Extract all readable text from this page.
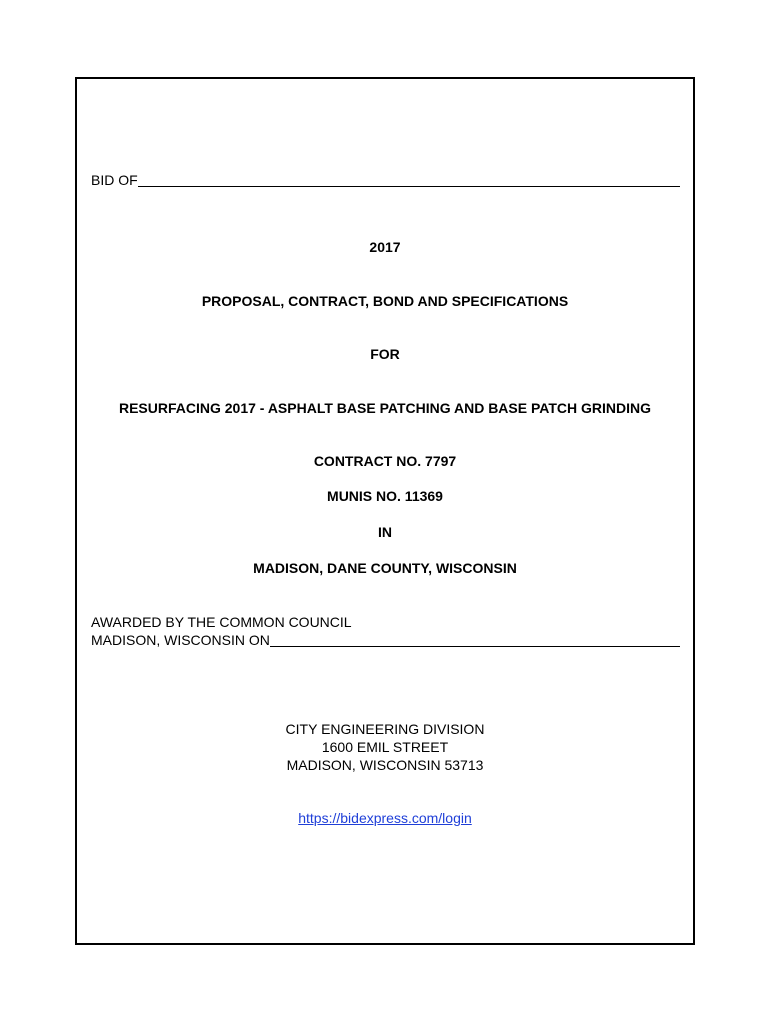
BID OF
2017
PROPOSAL, CONTRACT, BOND AND SPECIFICATIONS
FOR
RESURFACING 2017 - ASPHALT BASE PATCHING AND BASE PATCH GRINDING
CONTRACT NO. 7797
MUNIS NO. 11369
IN
MADISON, DANE COUNTY, WISCONSIN
AWARDED BY THE COMMON COUNCIL
MADISON, WISCONSIN ON
CITY ENGINEERING DIVISION
1600 EMIL STREET
MADISON, WISCONSIN 53713
https://bidexpress.com/login
